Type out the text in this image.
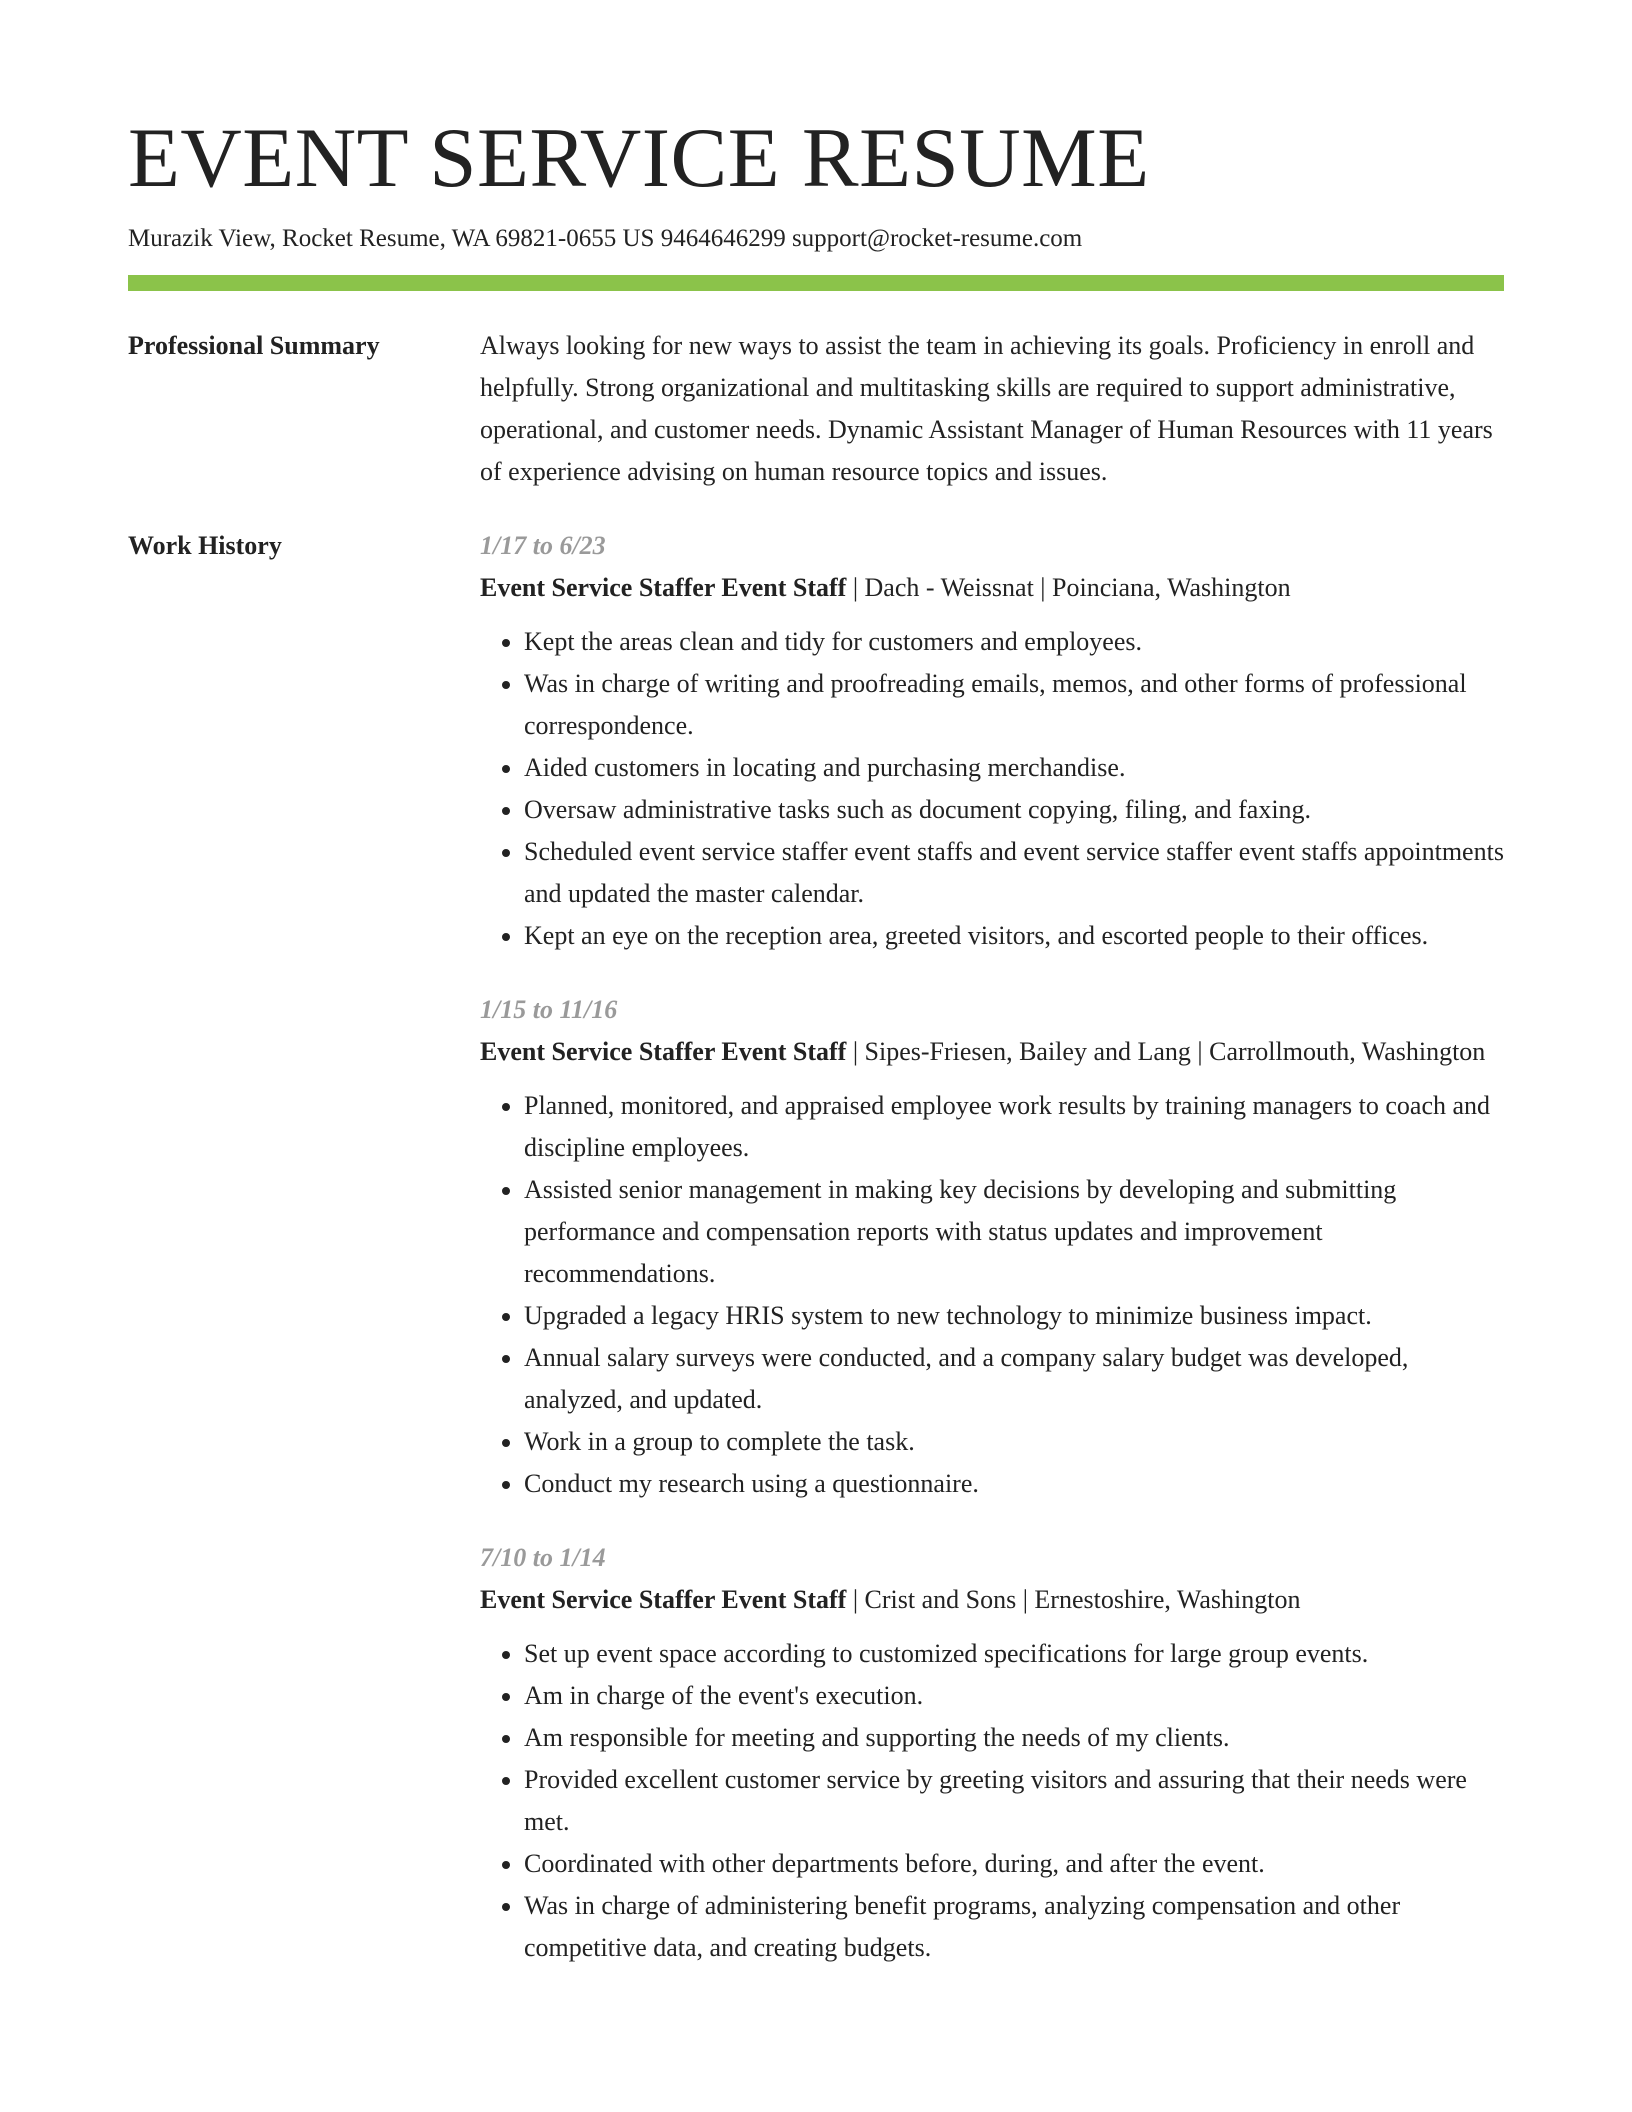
EVENT SERVICE RESUME
Murazik View, Rocket Resume, WA 69821-0655 US 9464646299 support@rocket-resume.com
Professional Summary	Always looking for new ways to assist the team in achieving its goals. Proficiency in enroll and helpfully. Strong organizational and multitasking skills are required to support administrative, operational, and customer needs. Dynamic Assistant Manager of Human Resources with 11 years of experience advising on human resource topics and issues.

Work History	1/17 to 6/23

Event Service Staffer Event Staff | Dach - Weissnat | Poinciana, Washington

• Kept the areas clean and tidy for customers and employees.
• Was in charge of writing and proofreading emails, memos, and other forms of professional correspondence.
• Aided customers in locating and purchasing merchandise.
• Oversaw administrative tasks such as document copying, filing, and faxing.
• Scheduled event service staffer event staffs and event service staffer event staffs appointments and updated the master calendar.
• Kept an eye on the reception area, greeted visitors, and escorted people to their offices.
1/15 to 11/16

Event Service Staffer Event Staff | Sipes-Friesen, Bailey and Lang | Carrollmouth, Washington

• Planned, monitored, and appraised employee work results by training managers to coach and discipline employees.
• Assisted senior management in making key decisions by developing and submitting performance and compensation reports with status updates and improvement recommendations.
• Upgraded a legacy HRIS system to new technology to minimize business impact.
• Annual salary surveys were conducted, and a company salary budget was developed, analyzed, and updated.
• Work in a group to complete the task.
• Conduct my research using a questionnaire.
7/10 to 1/14

Event Service Staffer Event Staff | Crist and Sons | Ernestoshire, Washington

• Set up event space according to customized specifications for large group events.
• Am in charge of the event's execution.
• Am responsible for meeting and supporting the needs of my clients.
• Provided excellent customer service by greeting visitors and assuring that their needs were met.
• Coordinated with other departments before, during, and after the event.
• Was in charge of administering benefit programs, analyzing compensation and other competitive data, and creating budgets.
